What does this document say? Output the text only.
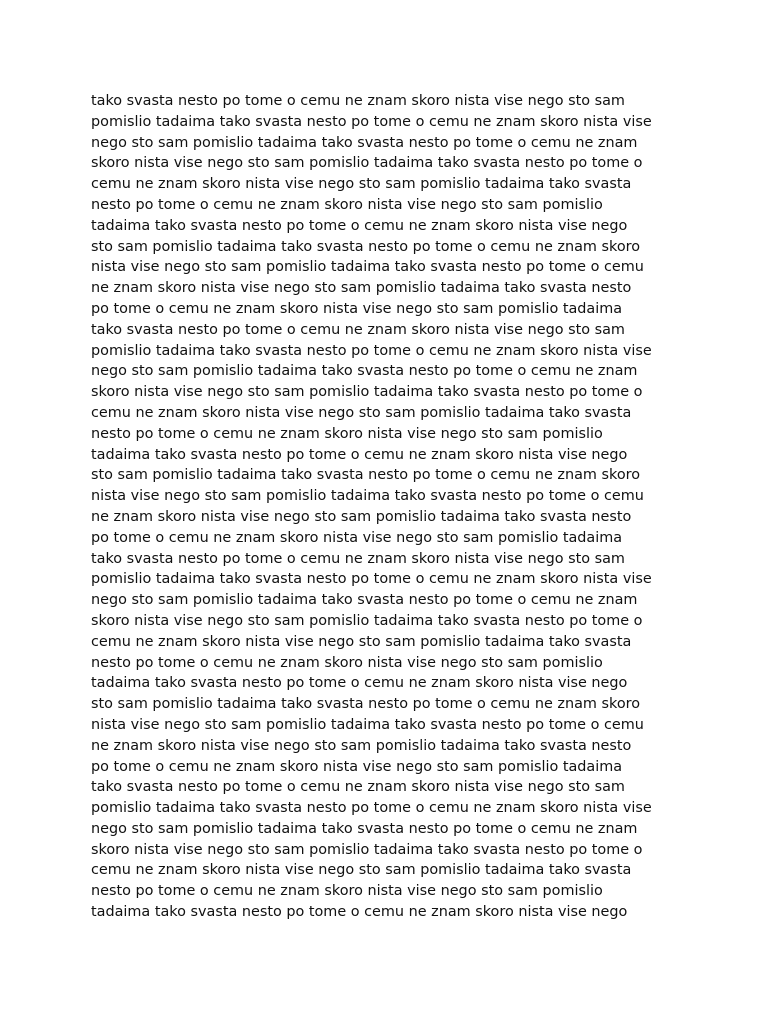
tako svasta nesto po tome o cemu ne znam skoro nista vise nego sto sam

pomislio tadaima tako svasta nesto po tome o cemu ne znam skoro nista vise

nego sto sam pomislio tadaima tako svasta nesto po tome o cemu ne znam

skoro nista vise nego sto sam pomislio tadaima tako svasta nesto po tome o

cemu ne znam skoro nista vise nego sto sam pomislio tadaima tako svasta

nesto po tome o cemu ne znam skoro nista vise nego sto sam pomislio

tadaima tako svasta nesto po tome o cemu ne znam skoro nista vise nego

sto sam pomislio tadaima tako svasta nesto po tome o cemu ne znam skoro

nista vise nego sto sam pomislio tadaima tako svasta nesto po tome o cemu

ne znam skoro nista vise nego sto sam pomislio tadaima tako svasta nesto

po tome o cemu ne znam skoro nista vise nego sto sam pomislio tadaima

tako svasta nesto po tome o cemu ne znam skoro nista vise nego sto sam

pomislio tadaima tako svasta nesto po tome o cemu ne znam skoro nista vise

nego sto sam pomislio tadaima tako svasta nesto po tome o cemu ne znam

skoro nista vise nego sto sam pomislio tadaima tako svasta nesto po tome o

cemu ne znam skoro nista vise nego sto sam pomislio tadaima tako svasta

nesto po tome o cemu ne znam skoro nista vise nego sto sam pomislio

tadaima tako svasta nesto po tome o cemu ne znam skoro nista vise nego

sto sam pomislio tadaima tako svasta nesto po tome o cemu ne znam skoro

nista vise nego sto sam pomislio tadaima tako svasta nesto po tome o cemu

ne znam skoro nista vise nego sto sam pomislio tadaima tako svasta nesto

po tome o cemu ne znam skoro nista vise nego sto sam pomislio tadaima

tako svasta nesto po tome o cemu ne znam skoro nista vise nego sto sam

pomislio tadaima tako svasta nesto po tome o cemu ne znam skoro nista vise

nego sto sam pomislio tadaima tako svasta nesto po tome o cemu ne znam

skoro nista vise nego sto sam pomislio tadaima tako svasta nesto po tome o

cemu ne znam skoro nista vise nego sto sam pomislio tadaima tako svasta

nesto po tome o cemu ne znam skoro nista vise nego sto sam pomislio

tadaima tako svasta nesto po tome o cemu ne znam skoro nista vise nego

sto sam pomislio tadaima tako svasta nesto po tome o cemu ne znam skoro

nista vise nego sto sam pomislio tadaima tako svasta nesto po tome o cemu

ne znam skoro nista vise nego sto sam pomislio tadaima tako svasta nesto

po tome o cemu ne znam skoro nista vise nego sto sam pomislio tadaima

tako svasta nesto po tome o cemu ne znam skoro nista vise nego sto sam

pomislio tadaima tako svasta nesto po tome o cemu ne znam skoro nista vise

nego sto sam pomislio tadaima tako svasta nesto po tome o cemu ne znam

skoro nista vise nego sto sam pomislio tadaima tako svasta nesto po tome o

cemu ne znam skoro nista vise nego sto sam pomislio tadaima tako svasta

nesto po tome o cemu ne znam skoro nista vise nego sto sam pomislio

tadaima tako svasta nesto po tome o cemu ne znam skoro nista vise nego
